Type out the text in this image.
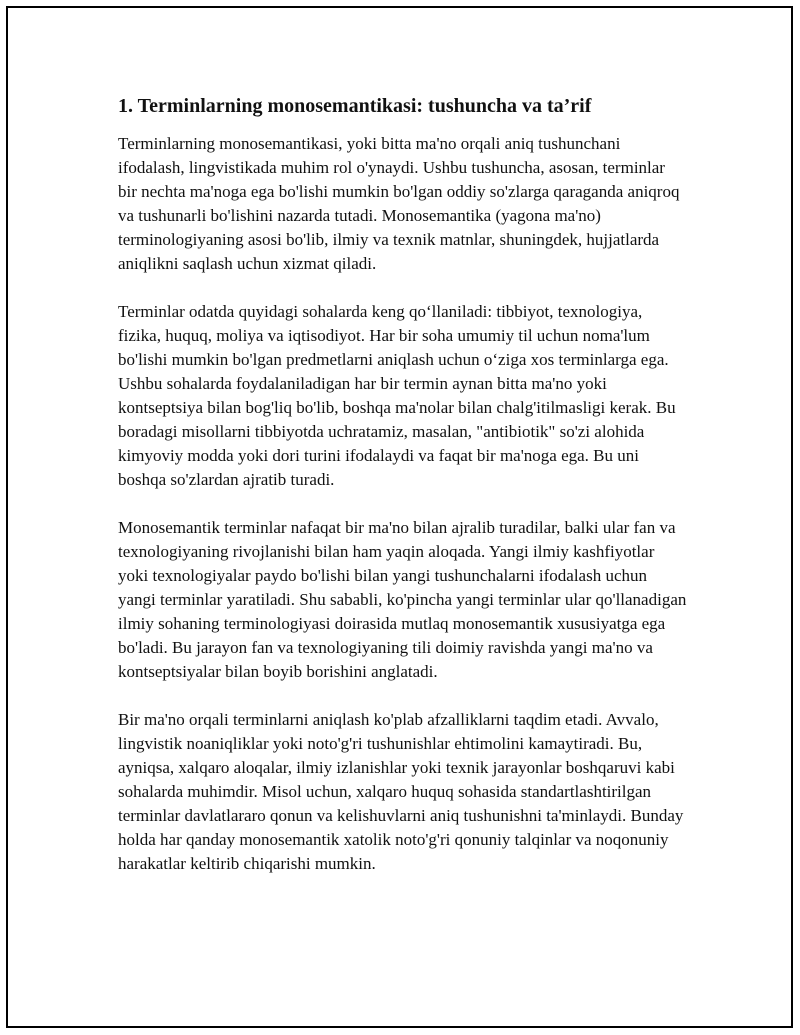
1. Terminlarning monosemantikasi: tushuncha va ta’rif

Terminlarning monosemantikasi, yoki bitta ma'no orqali aniq tushunchani ifodalash, lingvistikada muhim rol o'ynaydi. Ushbu tushuncha, asosan, terminlar bir nechta ma'noga ega bo'lishi mumkin bo'lgan oddiy so'zlarga qaraganda aniqroq va tushunarli bo'lishini nazarda tutadi. Monosemantika (yagona ma'no) terminologiyaning asosi bo'lib, ilmiy va texnik matnlar, shuningdek, hujjatlarda aniqlikni saqlash uchun xizmat qiladi.

Terminlar odatda quyidagi sohalarda keng qo‘llaniladi: tibbiyot, texnologiya, fizika, huquq, moliya va iqtisodiyot. Har bir soha umumiy til uchun noma'lum bo'lishi mumkin bo'lgan predmetlarni aniqlash uchun o‘ziga xos terminlarga ega. Ushbu sohalarda foydalaniladigan har bir termin aynan bitta ma'no yoki kontseptsiya bilan bog'liq bo'lib, boshqa ma'nolar bilan chalg'itilmasligi kerak. Bu boradagi misollarni tibbiyotda uchratamiz, masalan, "antibiotik" so'zi alohida kimyoviy modda yoki dori turini ifodalaydi va faqat bir ma'noga ega. Bu uni boshqa so'zlardan ajratib turadi.

Monosemantik terminlar nafaqat bir ma'no bilan ajralib turadilar, balki ular fan va texnologiyaning rivojlanishi bilan ham yaqin aloqada. Yangi ilmiy kashfiyotlar yoki texnologiyalar paydo bo'lishi bilan yangi tushunchalarni ifodalash uchun yangi terminlar yaratiladi. Shu sababli, ko'pincha yangi terminlar ular qo'llanadigan ilmiy sohaning terminologiyasi doirasida mutlaq monosemantik xususiyatga ega bo'ladi. Bu jarayon fan va texnologiyaning tili doimiy ravishda yangi ma'no va kontseptsiyalar bilan boyib borishini anglatadi.

Bir ma'no orqali terminlarni aniqlash ko'plab afzalliklarni taqdim etadi. Avvalo, lingvistik noaniqliklar yoki noto'g'ri tushunishlar ehtimolini kamaytiradi. Bu, ayniqsa, xalqaro aloqalar, ilmiy izlanishlar yoki texnik jarayonlar boshqaruvi kabi sohalarda muhimdir. Misol uchun, xalqaro huquq sohasida standartlashtirilgan terminlar davlatlararo qonun va kelishuvlarni aniq tushunishni ta'minlaydi. Bunday holda har qanday monosemantik xatolik noto'g'ri qonuniy talqinlar va noqonuniy harakatlar keltirib chiqarishi mumkin.
